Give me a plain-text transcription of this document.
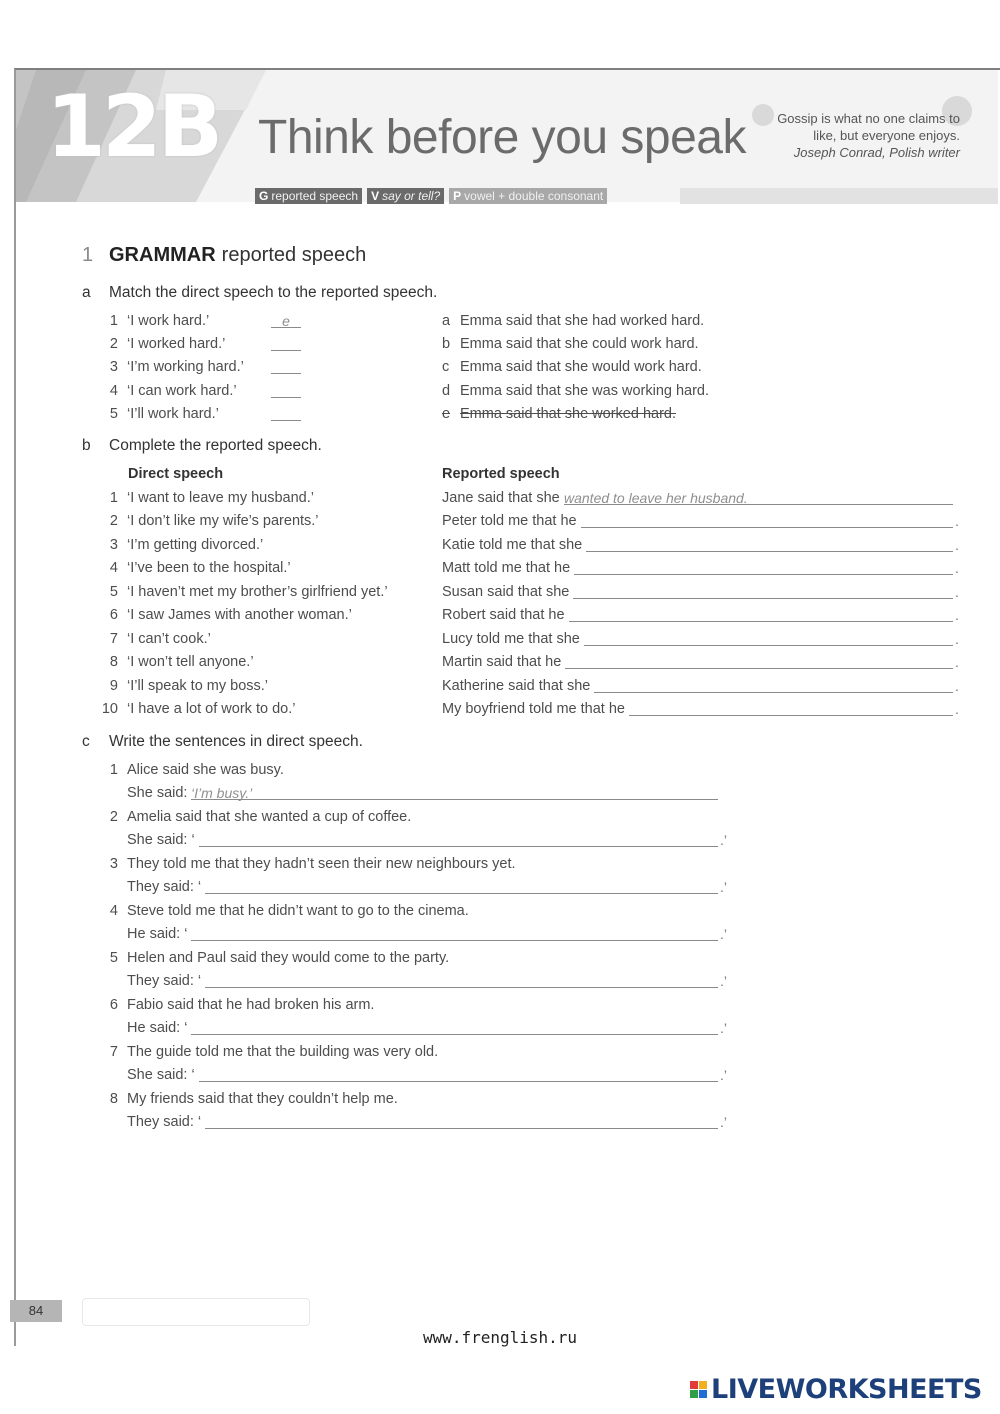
12B Think before you speak	Gossip is what no one claims to
like, but everyone enjoys.
Joseph Conrad, Polish writer
G reported speech	V say or tell?	P vowel + double consonant
1 GRAMMAR reported speech
a Match the direct speech to the reported speech.
1 ‘I work hard.’	e
2 ‘I worked hard.’
3 ‘I’m working hard.’
4 ‘I can work hard.’
5 ‘I’ll work hard.’
a Emma said that she had worked hard.
b Emma said that she could work hard.
c Emma said that she would work hard.
d Emma said that she was working hard.
e Emma said that she worked hard.
b Complete the reported speech.
Direct speech	Reported speech
1 ‘I want to leave my husband.’	Jane said that she wanted to leave her husband.
2 ‘I don’t like my wife’s parents.’	Peter told me that he	.
3 ‘I’m getting divorced.’	Katie told me that she	.
4 ‘I’ve been to the hospital.’	Matt told me that he	.
5 ‘I haven’t met my brother’s girlfriend yet.’	Susan said that she	.
6 ‘I saw James with another woman.’	Robert said that he	.
7 ‘I can’t cook.’	Lucy told me that she	.
8 ‘I won’t tell anyone.’	Martin said that he	.
9 ‘I’ll speak to my boss.’	Katherine said that she	.
10 ‘I have a lot of work to do.’	My boyfriend told me that he	.
c Write the sentences in direct speech.
1 Alice said she was busy.
She said: ‘I’m busy.’
2 Amelia said that she wanted a cup of coffee.
She said: ‘	.’
3 They told me that they hadn’t seen their new neighbours yet.
They said: ‘	.’
4 Steve told me that he didn’t want to go to the cinema.
He said: ‘	.’
5 Helen and Paul said they would come to the party.
They said: ‘	.’
6 Fabio said that he had broken his arm.
He said: ‘	.’
7 The guide told me that the building was very old.
She said: ‘	.’
8 My friends said that they couldn’t help me.
They said: ‘	.’
84
www.frenglish.ru
LIVEWORKSHEETS
